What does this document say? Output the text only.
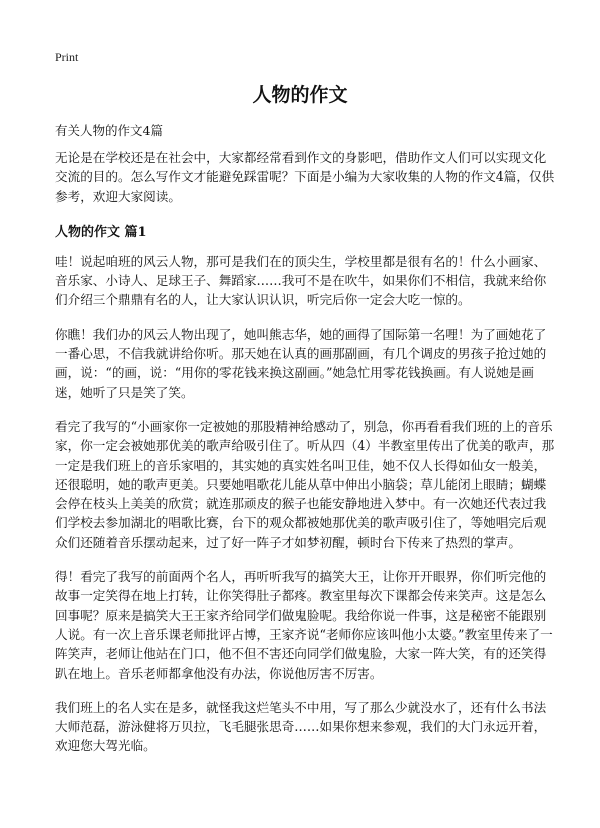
Print
人物的作文

有关人物的作文4篇

无论是在学校还是在社会中，大家都经常看到作文的身影吧，借助作文人们可以实现文化交流的目的。怎么写作文才能避免踩雷呢？下面是小编为大家收集的人物的作文4篇，仅供参考，欢迎大家阅读。

人物的作文 篇1

哇！说起咱班的风云人物，那可是我们在的顶尖生，学校里都是很有名的！什么小画家、音乐家、小诗人、足球王子、舞蹈家……我可不是在吹牛，如果你们不相信，我就来给你们介绍三个鼎鼎有名的人，让大家认识认识，听完后你一定会大吃一惊的。

你瞧！我们办的风云人物出现了，她叫熊志华，她的画得了国际第一名哩！为了画她花了一番心思，不信我就讲给你听。那天她在认真的画那副画，有几个调皮的男孩子抢过她的画，说：“的画，说：“用你的零花钱来换这副画。”她急忙用零花钱换画。有人说她是画迷，她听了只是笑了笑。

看完了我写的“小画家你一定被她的那股精神给感动了，别急，你再看看我们班的上的音乐家，你一定会被她那优美的歌声给吸引住了。听从四（4）半教室里传出了优美的歌声，那一定是我们班上的音乐家唱的，其实她的真实姓名叫卫佳，她不仅人长得如仙女一般美，还很聪明，她的歌声更美。只要她唱歌花儿能从草中伸出小脑袋；草儿能闭上眼睛；蝴蝶会停在枝头上美美的欣赏；就连那顽皮的猴子也能安静地进入梦中。有一次她还代表过我们学校去参加湖北的唱歌比赛，台下的观众都被她那优美的歌声吸引住了，等她唱完后观众们还随着音乐摆动起来，过了好一阵子才如梦初醒，顿时台下传来了热烈的掌声。

得！看完了我写的前面两个名人，再听听我写的搞笑大王，让你开开眼界，你们听完他的故事一定笑得在地上打转，让你笑得肚子都疼。教室里每次下课都会传来笑声。这是怎么回事呢？原来是搞笑大王王家齐给同学们做鬼脸呢。我给你说一件事，这是秘密不能跟别人说。有一次上音乐课老师批评占博，王家齐说“老师你应该叫他小太婆。”教室里传来了一阵笑声，老师让他站在门口，他不但不害还向同学们做鬼脸，大家一阵大笑，有的还笑得趴在地上。音乐老师都拿他没有办法，你说他厉害不厉害。

我们班上的名人实在是多，就怪我这烂笔头不中用，写了那么少就没水了，还有什么书法大师范磊，游泳健将万贝拉，飞毛腿张思奇……如果你想来参观，我们的大门永远开着，欢迎您大驾光临。
